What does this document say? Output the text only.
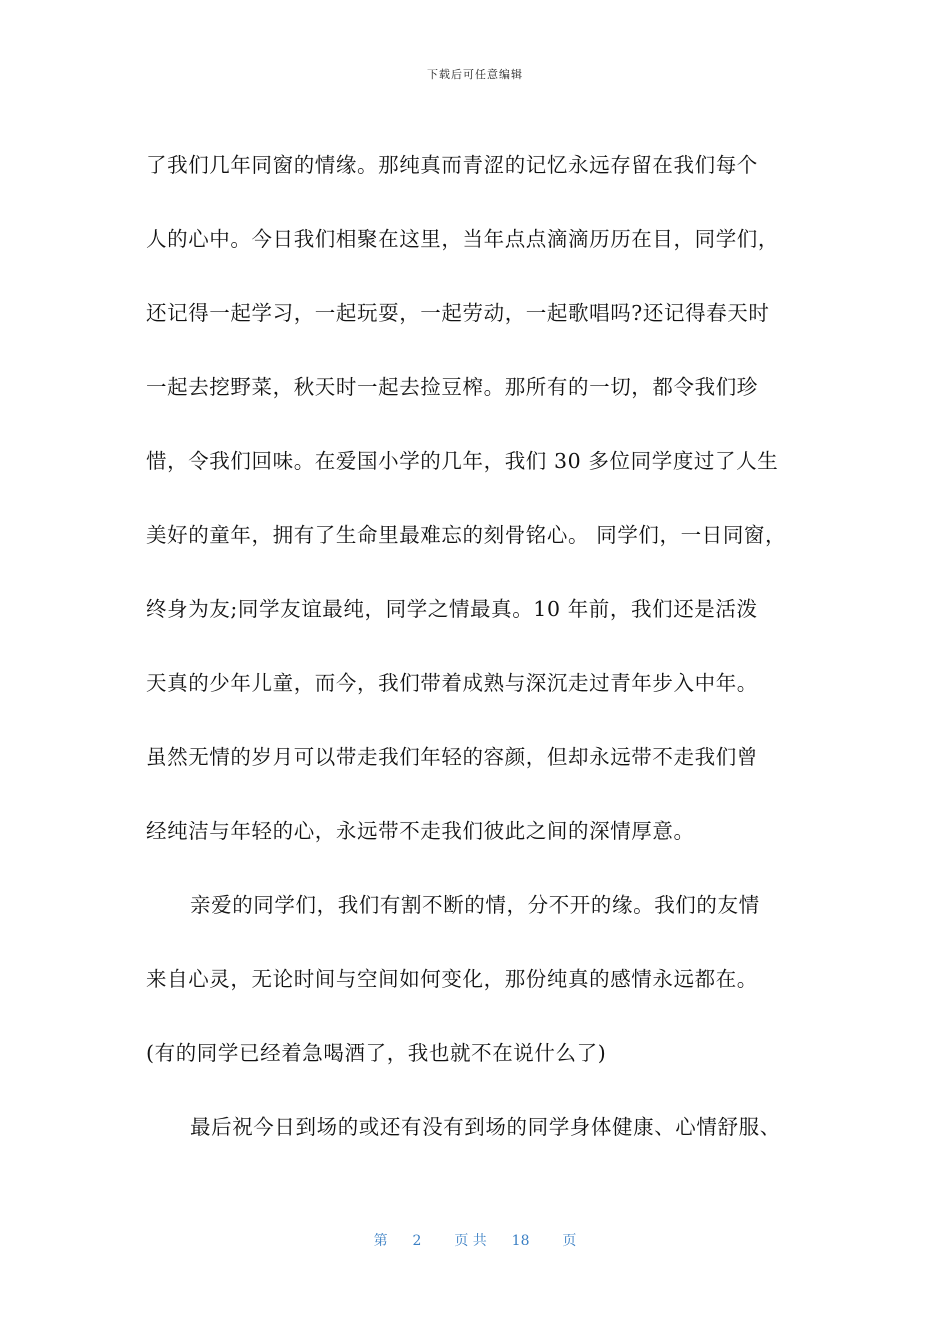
下载后可任意编辑
了我们几年同窗的情缘。那纯真而青涩的记忆永远存留在我们每个
人的心中。今日我们相聚在这里，当年点点滴滴历历在目，同学们，
还记得一起学习，一起玩耍，一起劳动，一起歌唱吗?还记得春天时
一起去挖野菜，秋天时一起去捡豆榨。那所有的一切，都令我们珍
惜，令我们回味。在爱国小学的几年，我们 30 多位同学度过了人生
美好的童年，拥有了生命里最难忘的刻骨铭心。 同学们，一日同窗，
终身为友;同学友谊最纯，同学之情最真。10 年前，我们还是活泼
天真的少年儿童，而今，我们带着成熟与深沉走过青年步入中年。
虽然无情的岁月可以带走我们年轻的容颜，但却永远带不走我们曾
经纯洁与年轻的心，永远带不走我们彼此之间的深情厚意。
亲爱的同学们，我们有割不断的情，分不开的缘。我们的友情
来自心灵，无论时间与空间如何变化，那份纯真的感情永远都在。
(有的同学已经着急喝酒了，我也就不在说什么了)
最后祝今日到场的或还有没有到场的同学身体健康、心情舒服、
第 2 页 共 18 页
